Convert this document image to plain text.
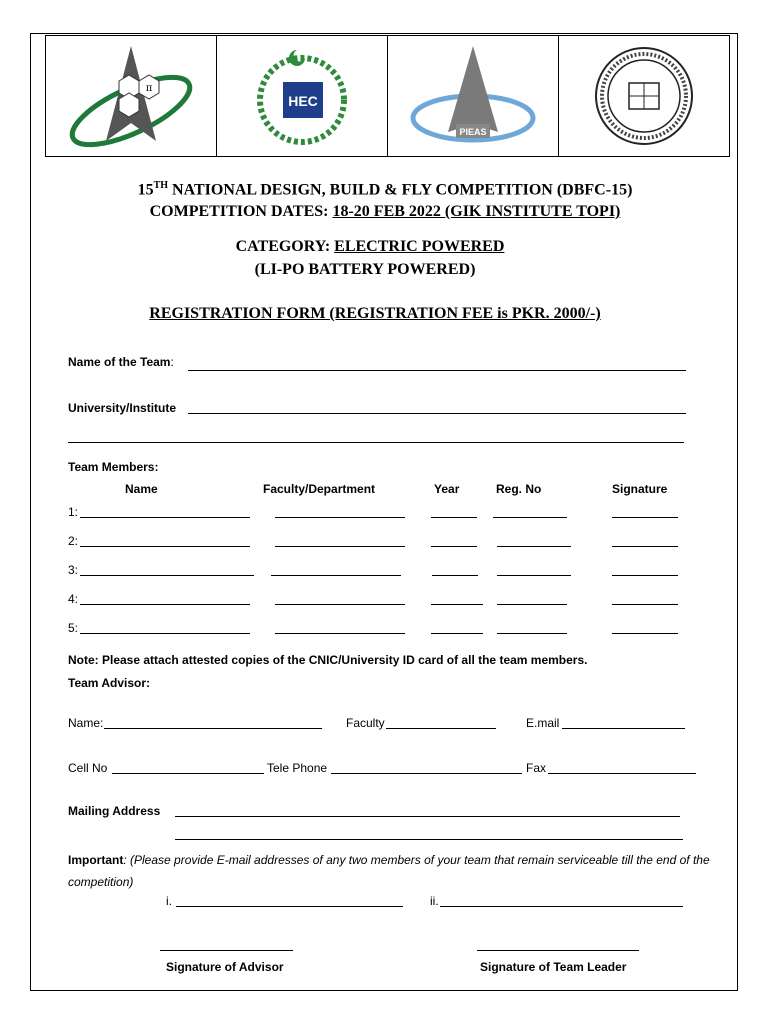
π
HEC
PIEAS
15TH NATIONAL DESIGN, BUILD & FLY COMPETITION (DBFC-15)
COMPETITION DATES: 18-20 FEB 2022 (GIK INSTITUTE TOPI)
CATEGORY: ELECTRIC POWERED
(LI-PO BATTERY POWERED)
REGISTRATION FORM (REGISTRATION FEE is PKR. 2000/-)
Name of the Team:
University/Institute
Team Members:
Name	Faculty/Department	Year	Reg. No	Signature
1:
2:
3:
4:
5:
Note: Please attach attested copies of the CNIC/University ID card of all the team members.
Team Advisor:
Name:	Faculty	E.mail
Cell No	Tele Phone	Fax
Mailing Address
Important: (Please provide E-mail addresses of any two members of your team that remain serviceable till the end of the competition)
i.	ii.
Signature of Advisor	Signature of Team Leader
